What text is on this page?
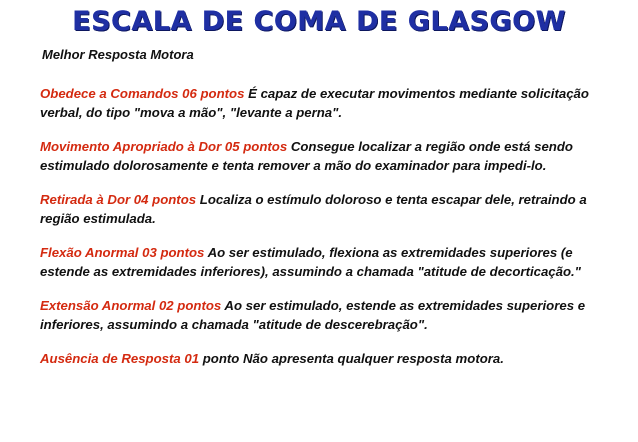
ESCALA DE COMA DE GLASGOW
Melhor Resposta Motora

Obedece a Comandos 06 pontos É capaz de executar movimentos mediante solicitação verbal, do tipo "mova a mão", "levante a perna".

Movimento Apropriado à Dor 05 pontos Consegue localizar a região onde está sendo estimulado dolorosamente e tenta remover a mão do examinador para impedi-lo.

Retirada à Dor 04 pontos Localiza o estímulo doloroso e tenta escapar dele, retraindo a região estimulada.

Flexão Anormal 03 pontos Ao ser estimulado, flexiona as extremidades superiores (e estende as extremidades inferiores), assumindo a chamada "atitude de decorticação."

Extensão Anormal 02 pontos Ao ser estimulado, estende as extremidades superiores e inferiores, assumindo a chamada "atitude de descerebração".

Ausência de Resposta 01 ponto Não apresenta qualquer resposta motora.
